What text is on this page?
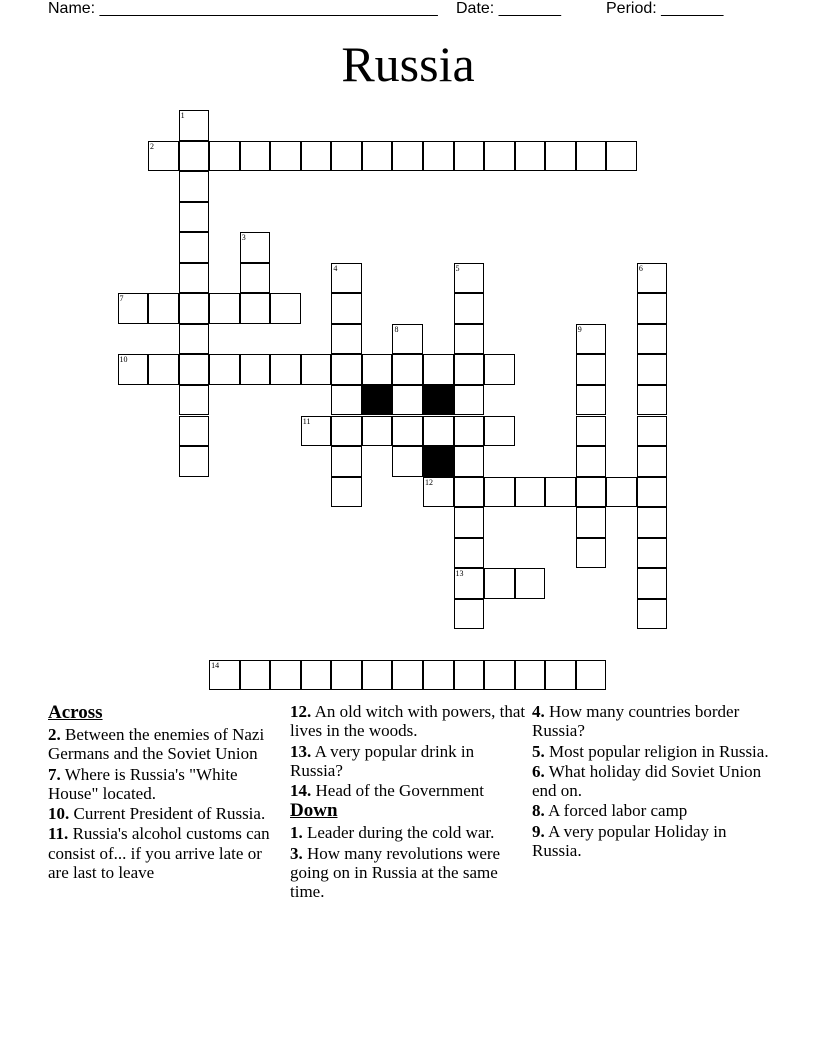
Name: ______________________________________ Date: _______	Period: _______
Russia
1
2
3
4	5
13
6
7
8	9
10
11
12
14
Across
2. Between the enemies of Nazi Germans and the Soviet Union
7. Where is Russia's "White House" located.
10. Current President of Russia.
11. Russia's alcohol customs can consist of... if you arrive late or are last to leave
12. An old witch with powers, that lives in the woods.
13. A very popular drink in Russia?
14. Head of the Government
Down
1. Leader during the cold war.
3. How many revolutions were going on in Russia at the same time.
4. How many countries border Russia?
5. Most popular religion in Russia.
6. What holiday did Soviet Union end on.
8. A forced labor camp
9. A very popular Holiday in Russia.
